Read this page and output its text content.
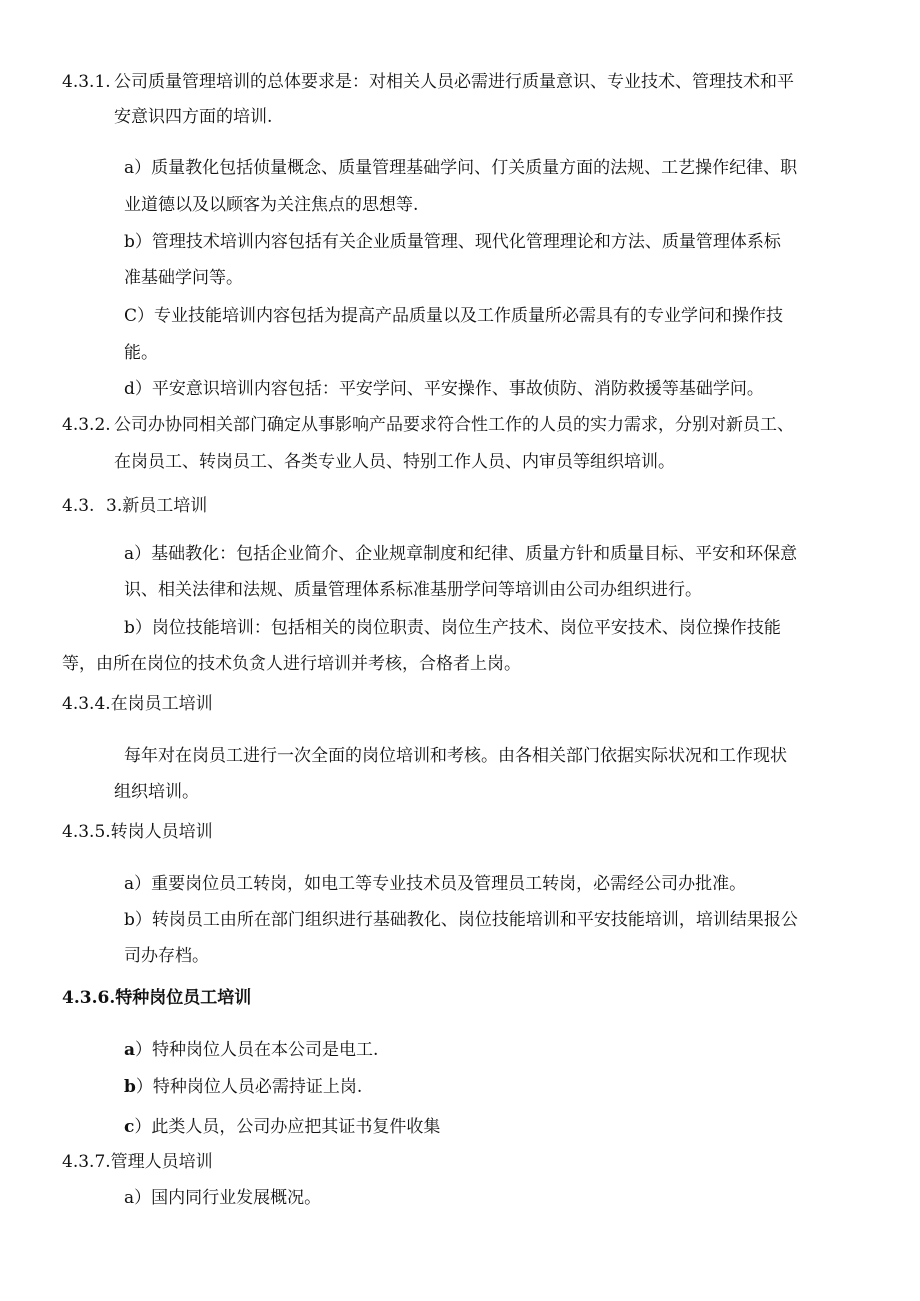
4.3.1. 公司质量管理培训的总体要求是：对相关人员必需进行质量意识、专业技术、管理技术和平
安意识四方面的培训.
a）质量教化包括侦量概念、质量管理基础学问、仃关质量方面的法规、工艺操作纪律、职
业道德以及以顾客为关注焦点的思想等.
b）管理技术培训内容包括有关企业质量管理、现代化管理理论和方法、质量管理体系标
准基础学问等。
C）专业技能培训内容包括为提高产品质量以及工作质量所必需具有的专业学问和操作技
能。
d）平安意识培训内容包括：平安学问、平安操作、事故侦防、消防救援等基础学问。
4.3.2. 公司办协同相关部门确定从事影响产品要求符合性工作的人员的实力需求，分别对新员工、
在岗员工、转岗员工、各类专业人员、特别工作人员、内审员等组织培训。
4.3. 3.新员工培训
a）基础教化：包括企业简介、企业规章制度和纪律、质量方针和质量目标、平安和环保意
识、相关法律和法规、质量管理体系标准基册学问等培训由公司办组织进行。
b）岗位技能培训：包括相关的岗位职责、岗位生产技术、岗位平安技术、岗位操作技能
等，由所在岗位的技术负贪人进行培训并考核，合格者上岗。
4.3.4.在岗员工培训
每年对在岗员工进行一次全面的岗位培训和考核。由各相关部门依据实际状况和工作现状
组织培训。
4.3.5.转岗人员培训
a）重要岗位员工转岗，如电工等专业技术员及管理员工转岗，必需经公司办批准。
b）转岗员工由所在部门组织进行基础教化、岗位技能培训和平安技能培训，培训结果报公
司办存档。
4.3.6.特种岗位员工培训
a）特种岗位人员在本公司是电工.
b）特种岗位人员必需持证上岗.
c）此类人员，公司办应把其证书复件收集
4.3.7.管理人员培训
a）国内同行业发展概况。
